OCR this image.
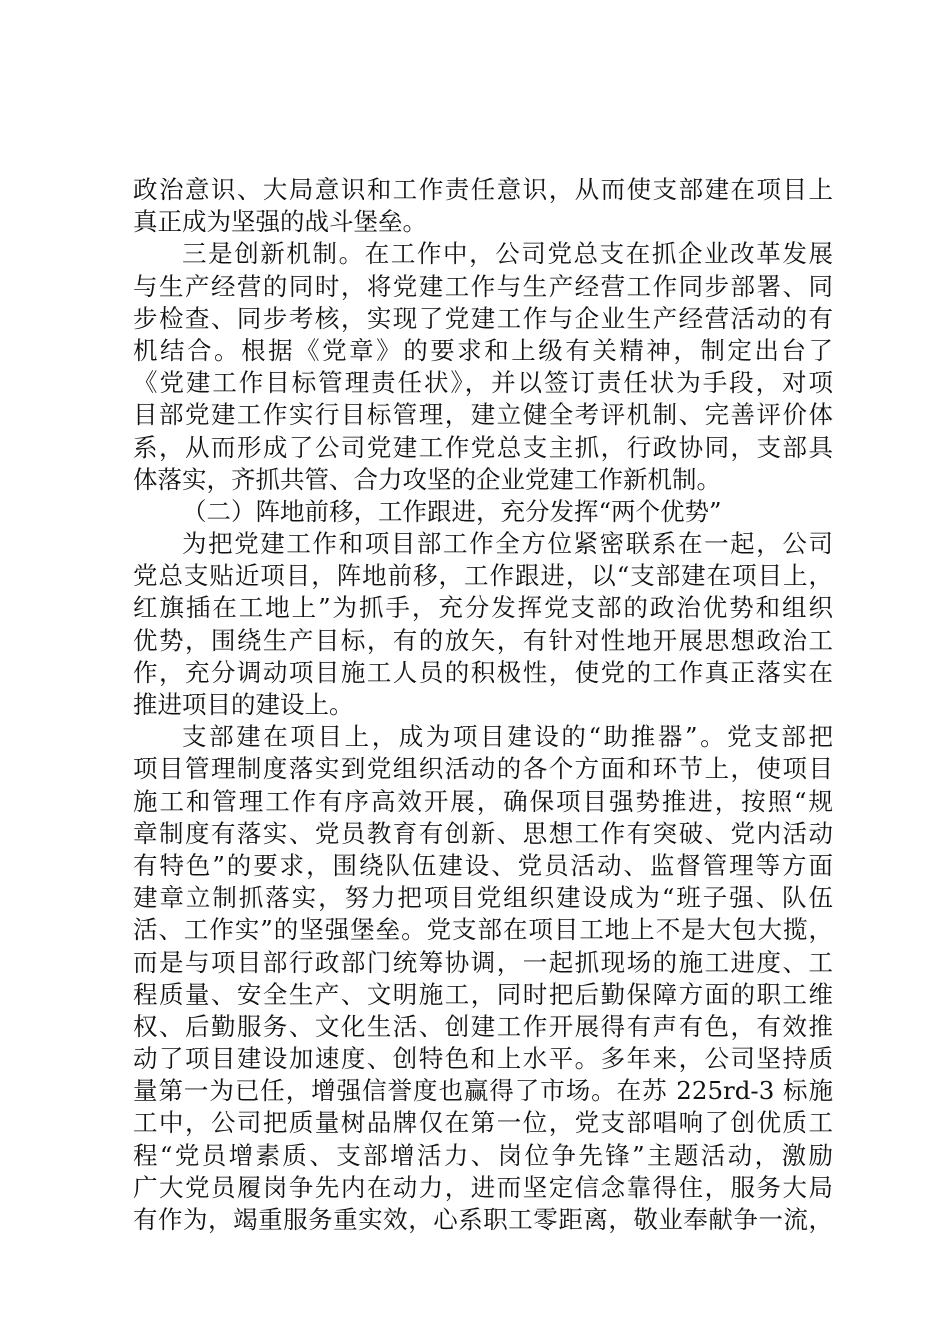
政治意识、大局意识和工作责任意识，从而使支部建在项目上
真正成为坚强的战斗堡垒。
三是创新机制。在工作中，公司党总支在抓企业改革发展
与生产经营的同时，将党建工作与生产经营工作同步部署、同
步检查、同步考核，实现了党建工作与企业生产经营活动的有
机结合。根据《党章》的要求和上级有关精神，制定出台了
《党建工作目标管理责任状》，并以签订责任状为手段，对项
目部党建工作实行目标管理，建立健全考评机制、完善评价体
系，从而形成了公司党建工作党总支主抓，行政协同，支部具
体落实，齐抓共管、合力攻坚的企业党建工作新机制。
（二）阵地前移，工作跟进，充分发挥“两个优势”
为把党建工作和项目部工作全方位紧密联系在一起，公司
党总支贴近项目，阵地前移，工作跟进，以“支部建在项目上，
红旗插在工地上”为抓手，充分发挥党支部的政治优势和组织
优势，围绕生产目标，有的放矢，有针对性地开展思想政治工
作，充分调动项目施工人员的积极性，使党的工作真正落实在
推进项目的建设上。
支部建在项目上，成为项目建设的“助推器”。党支部把
项目管理制度落实到党组织活动的各个方面和环节上，使项目
施工和管理工作有序高效开展，确保项目强势推进，按照“规
章制度有落实、党员教育有创新、思想工作有突破、党内活动
有特色”的要求，围绕队伍建设、党员活动、监督管理等方面
建章立制抓落实，努力把项目党组织建设成为“班子强、队伍
活、工作实”的坚强堡垒。党支部在项目工地上不是大包大揽，
而是与项目部行政部门统筹协调，一起抓现场的施工进度、工
程质量、安全生产、文明施工，同时把后勤保障方面的职工维
权、后勤服务、文化生活、创建工作开展得有声有色，有效推
动了项目建设加速度、创特色和上水平。多年来，公司坚持质
量第一为已任，增强信誉度也赢得了市场。在苏 225rd-3 标施
工中，公司把质量树品牌仅在第一位，党支部唱响了创优质工
程“党员增素质、支部增活力、岗位争先锋”主题活动，激励
广大党员履岗争先内在动力，进而坚定信念靠得住，服务大局
有作为，竭重服务重实效，心系职工零距离，敬业奉献争一流，
